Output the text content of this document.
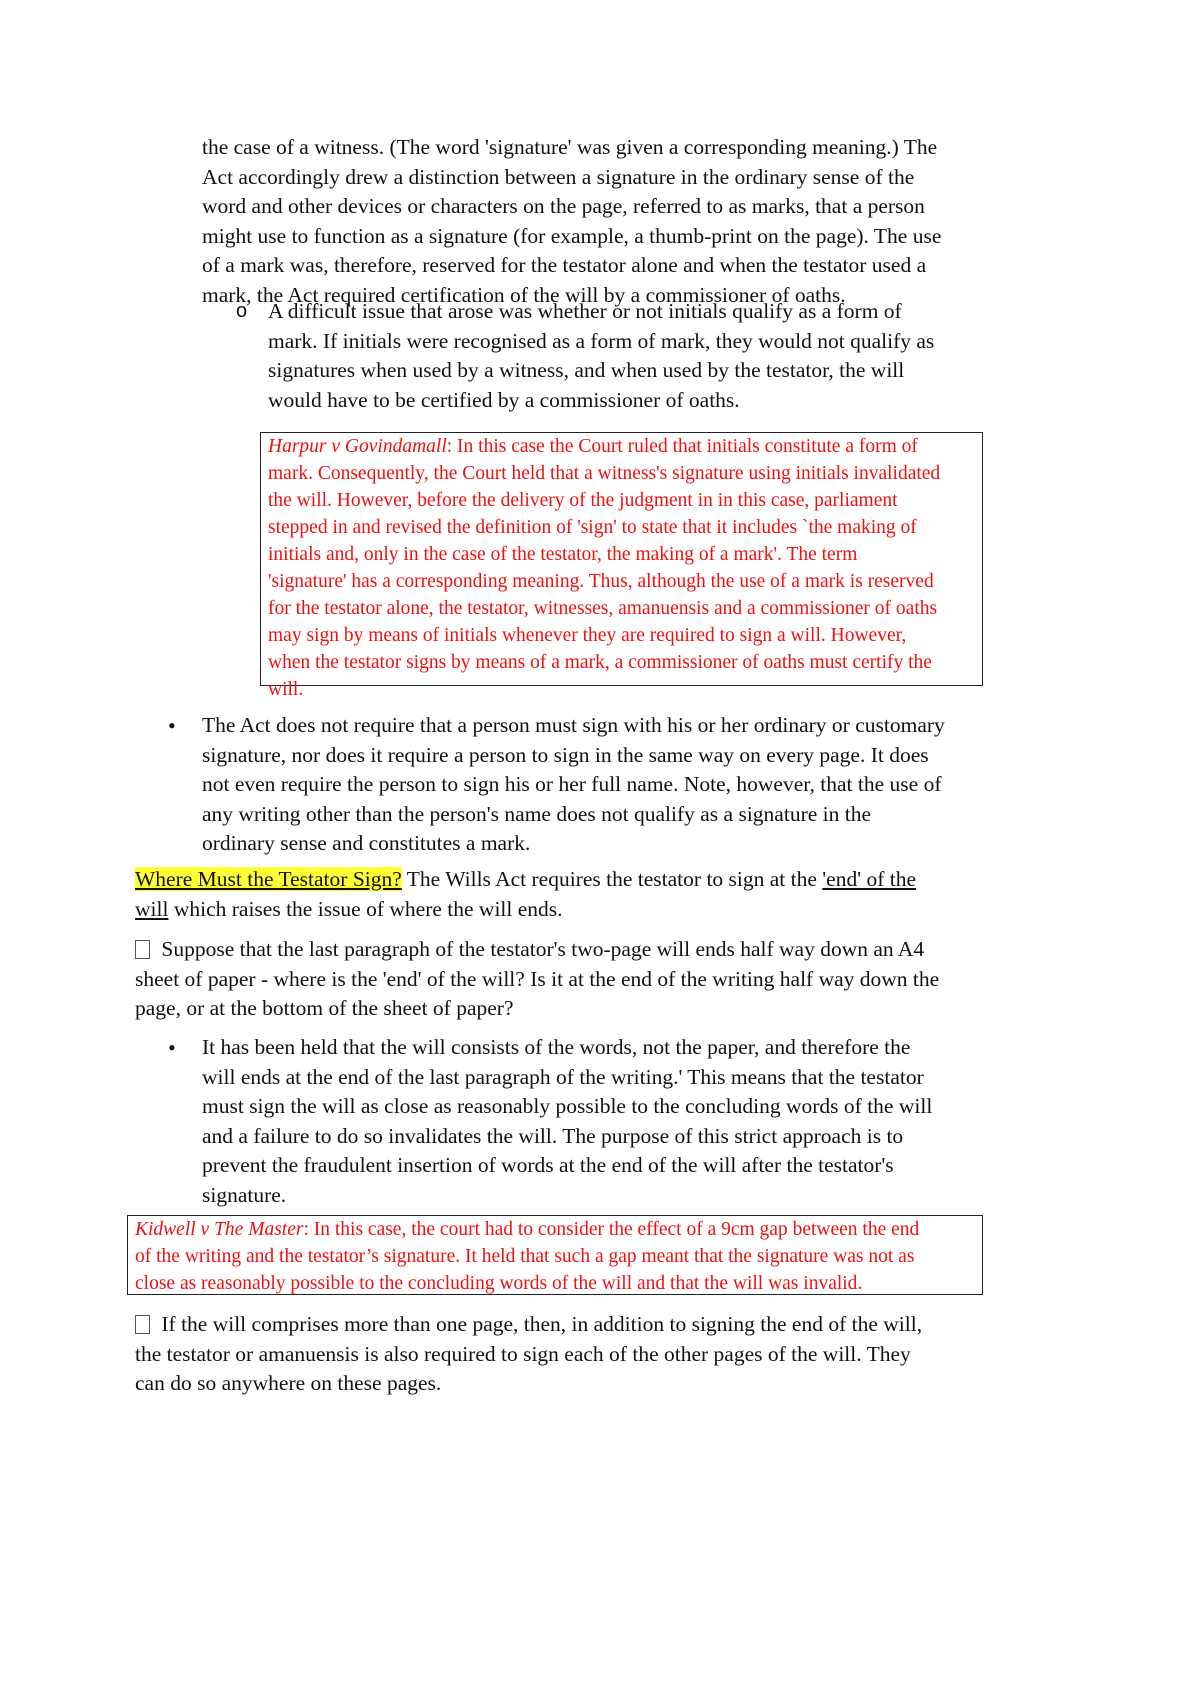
the case of a witness. (The word 'signature' was given a corresponding meaning.) The
Act accordingly drew a distinction between a signature in the ordinary sense of the
word and other devices or characters on the page, referred to as marks, that a person
might use to function as a signature (for example, a thumb-print on the page). The use
of a mark was, therefore, reserved for the testator alone and when the testator used a
mark, the Act required certification of the will by a commissioner of oaths.
o A difficult issue that arose was whether or not initials qualify as a form of
mark. If initials were recognised as a form of mark, they would not qualify as
signatures when used by a witness, and when used by the testator, the will
would have to be certified by a commissioner of oaths.
Harpur v Govindamall: In this case the Court ruled that initials constitute a form of
mark. Consequently, the Court held that a witness's signature using initials invalidated
the will. However, before the delivery of the judgment in in this case, parliament
stepped in and revised the definition of 'sign' to state that it includes `the making of
initials and, only in the case of the testator, the making of a mark'. The term
'signature' has a corresponding meaning. Thus, although the use of a mark is reserved
for the testator alone, the testator, witnesses, amanuensis and a commissioner of oaths
may sign by means of initials whenever they are required to sign a will. However,
when the testator signs by means of a mark, a commissioner of oaths must certify the
will.
• The Act does not require that a person must sign with his or her ordinary or customary
signature, nor does it require a person to sign in the same way on every page. It does
not even require the person to sign his or her full name. Note, however, that the use of
any writing other than the person's name does not qualify as a signature in the
ordinary sense and constitutes a mark.
Where Must the Testator Sign? The Wills Act requires the testator to sign at the 'end' of the
will which raises the issue of where the will ends.
Suppose that the last paragraph of the testator's two-page will ends half way down an A4
sheet of paper - where is the 'end' of the will? Is it at the end of the writing half way down the
page, or at the bottom of the sheet of paper?
• It has been held that the will consists of the words, not the paper, and therefore the
will ends at the end of the last paragraph of the writing.' This means that the testator
must sign the will as close as reasonably possible to the concluding words of the will
and a failure to do so invalidates the will. The purpose of this strict approach is to
prevent the fraudulent insertion of words at the end of the will after the testator's
signature.
Kidwell v The Master: In this case, the court had to consider the effect of a 9cm gap between the end
of the writing and the testator’s signature. It held that such a gap meant that the signature was not as
close as reasonably possible to the concluding words of the will and that the will was invalid.
If the will comprises more than one page, then, in addition to signing the end of the will,
the testator or amanuensis is also required to sign each of the other pages of the will. They
can do so anywhere on these pages.
